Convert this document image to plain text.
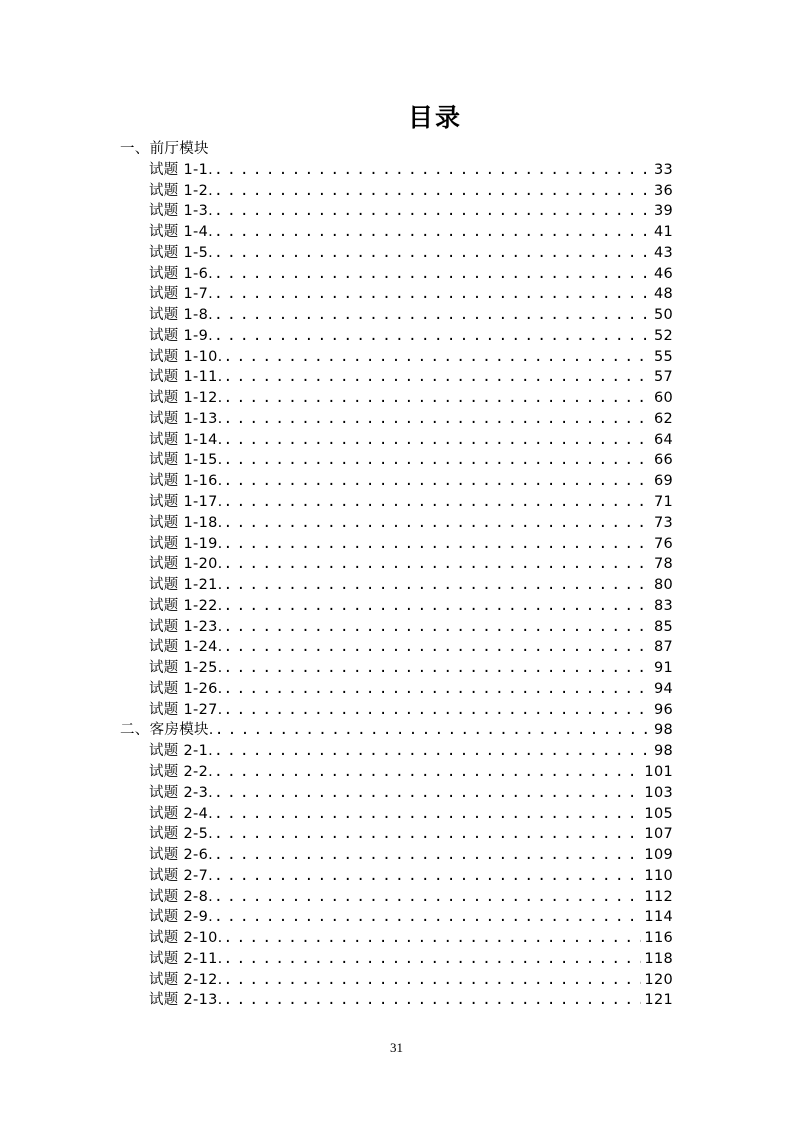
目录
一、前厅模块
试题 1-1. .....	33
试题 1-2. .....	36
试题 1-3. .....	39
试题 1-4. .....	41
试题 1-5. .....	43
试题 1-6. .....	46
试题 1-7. .....	48
试题 1-8. .....	50
试题 1-9. .....	52
试题 1-10. .....	55
试题 1-11. .....	57
试题 1-12. .....	60
试题 1-13. .....	62
试题 1-14. .....	64
试题 1-15. .....	66
试题 1-16. .....	69
试题 1-17. .....	71
试题 1-18. .....	73
试题 1-19. .....	76
试题 1-20. .....	78
试题 1-21. .....	80
试题 1-22. .....	83
试题 1-23. .....	85
试题 1-24. .....	87
试题 1-25. .....	91
试题 1-26. .....	94
试题 1-27. .....	96
二、客房模块. .....	98
试题 2-1. .....	98
试题 2-2. .....	101
试题 2-3. .....	103
试题 2-4. .....	105
试题 2-5. .....	107
试题 2-6. .....	109
试题 2-7. .....	110
试题 2-8. .....	112
试题 2-9. .....	114
试题 2-10. .....	116
试题 2-11. .....	118
试题 2-12. .....	120
试题 2-13. .....	121
31
